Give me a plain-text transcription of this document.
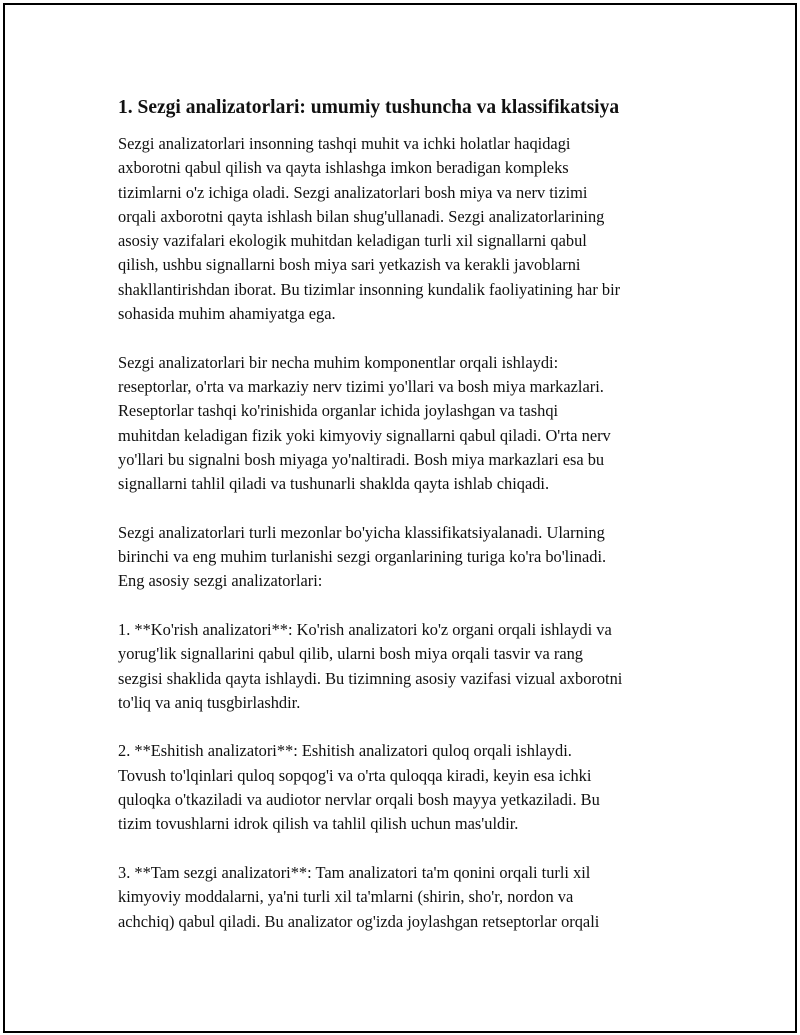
1. Sezgi analizatorlari: umumiy tushuncha va klassifikatsiya

Sezgi analizatorlari insonning tashqi muhit va ichki holatlar haqidagi
axborotni qabul qilish va qayta ishlashga imkon beradigan kompleks
tizimlarni o'z ichiga oladi. Sezgi analizatorlari bosh miya va nerv tizimi
orqali axborotni qayta ishlash bilan shug'ullanadi. Sezgi analizatorlarining
asosiy vazifalari ekologik muhitdan keladigan turli xil signallarni qabul
qilish, ushbu signallarni bosh miya sari yetkazish va kerakli javoblarni
shakllantirishdan iborat. Bu tizimlar insonning kundalik faoliyatining har bir
sohasida muhim ahamiyatga ega.

Sezgi analizatorlari bir necha muhim komponentlar orqali ishlaydi:
reseptorlar, o'rta va markaziy nerv tizimi yo'llari va bosh miya markazlari.
Reseptorlar tashqi ko'rinishida organlar ichida joylashgan va tashqi
muhitdan keladigan fizik yoki kimyoviy signallarni qabul qiladi. O'rta nerv
yo'llari bu signalni bosh miyaga yo'naltiradi. Bosh miya markazlari esa bu
signallarni tahlil qiladi va tushunarli shaklda qayta ishlab chiqadi.

Sezgi analizatorlari turli mezonlar bo'yicha klassifikatsiyalanadi. Ularning
birinchi va eng muhim turlanishi sezgi organlarining turiga ko'ra bo'linadi.
Eng asosiy sezgi analizatorlari:

1. **Ko'rish analizatori**: Ko'rish analizatori ko'z organi orqali ishlaydi va
yorug'lik signallarini qabul qilib, ularni bosh miya orqali tasvir va rang
sezgisi shaklida qayta ishlaydi. Bu tizimning asosiy vazifasi vizual axborotni
to'liq va aniq tusgbirlashdir.

2. **Eshitish analizatori**: Eshitish analizatori quloq orqali ishlaydi.
Tovush to'lqinlari quloq sopqog'i va o'rta quloqqa kiradi, keyin esa ichki
quloqka o'tkaziladi va audiotor nervlar orqali bosh mayya yetkaziladi. Bu
tizim tovushlarni idrok qilish va tahlil qilish uchun mas'uldir.

3. **Tam sezgi analizatori**: Tam analizatori ta'm qonini orqali turli xil
kimyoviy moddalarni, ya'ni turli xil ta'mlarni (shirin, sho'r, nordon va
achchiq) qabul qiladi. Bu analizator og'izda joylashgan retseptorlar orqali
